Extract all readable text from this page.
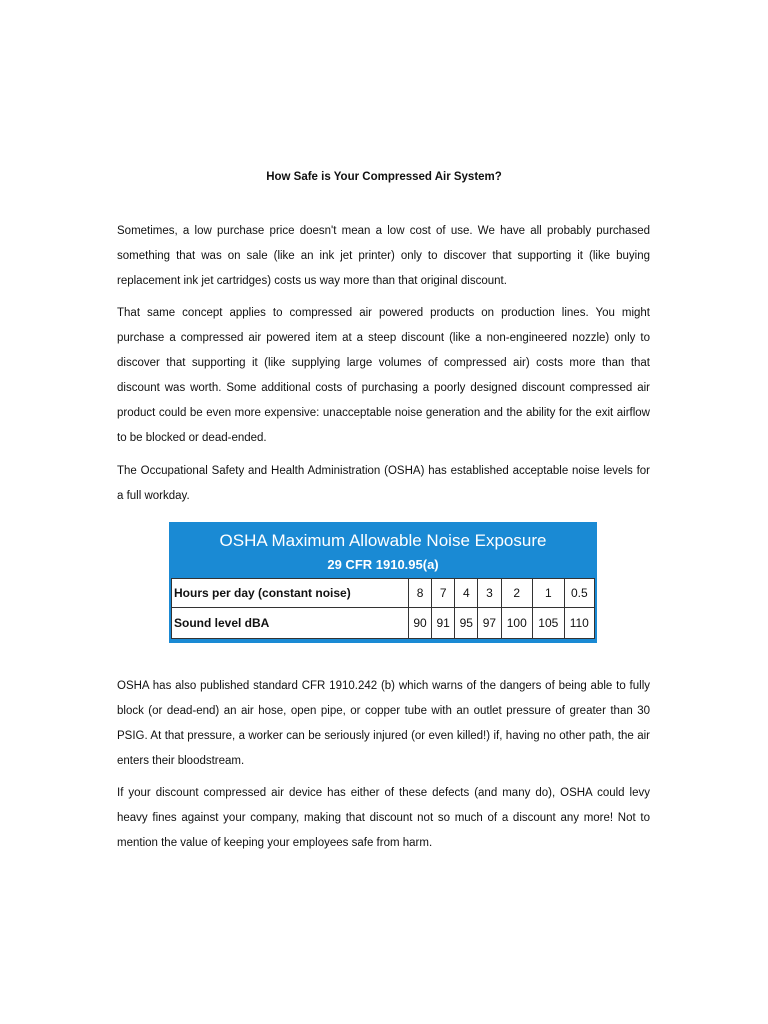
How Safe is Your Compressed Air System?

Sometimes, a low purchase price doesn't mean a low cost of use. We have all probably purchased something that was on sale (like an ink jet printer) only to discover that supporting it (like buying replacement ink jet cartridges) costs us way more than that original discount.

That same concept applies to compressed air powered products on production lines. You might purchase a compressed air powered item at a steep discount (like a non-engineered nozzle) only to discover that supporting it (like supplying large volumes of compressed air) costs more than that discount was worth. Some additional costs of purchasing a poorly designed discount compressed air product could be even more expensive: unacceptable noise generation and the ability for the exit airflow to be blocked or dead-ended.

The Occupational Safety and Health Administration (OSHA) has established acceptable noise levels for a full workday.

OSHA Maximum Allowable Noise Exposure
29 CFR 1910.95(a)
Hours per day (constant noise)	8	7	4	3	2	1	0.5
Sound level dBA	90	91	95	97	100	105	110

OSHA has also published standard CFR 1910.242 (b) which warns of the dangers of being able to fully block (or dead-end) an air hose, open pipe, or copper tube with an outlet pressure of greater than 30 PSIG. At that pressure, a worker can be seriously injured (or even killed!) if, having no other path, the air enters their bloodstream.

If your discount compressed air device has either of these defects (and many do), OSHA could levy heavy fines against your company, making that discount not so much of a discount any more! Not to mention the value of keeping your employees safe from harm.
